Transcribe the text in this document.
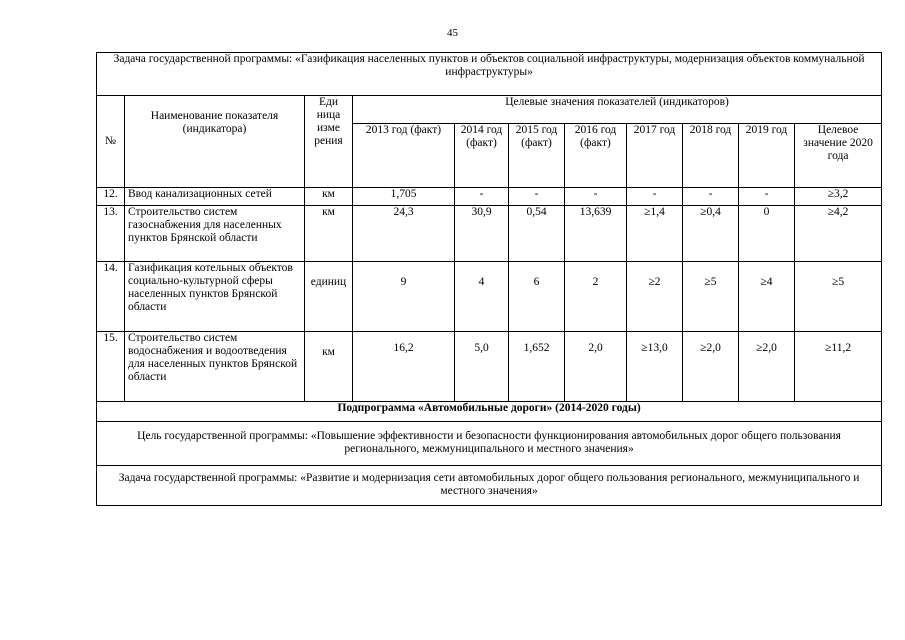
45
Задача государственной программы: «Газификация населенных пунктов и объектов социальной инфраструктуры, модернизация объектов коммунальной инфраструктуры»										
№	Наименование показателя (индикатора)	Еди ница изме рения	Целевые значения показателей (индикаторов)							
			2013 год (факт)	2014 год (факт)	2015 год (факт)	2016 год (факт)	2017 год	2018 год	2019 год	Целевое значение 2020 года
12.	Ввод канализационных сетей	км	1,705	-	-	-	-	-	-	≥3,2
13.	Строительство систем газоснабжения для населенных пунктов Брянской области	км	24,3	30,9	0,54	13,639	≥1,4	≥0,4	0	≥4,2
14.	Газификация котельных объектов социально-культурной сферы населенных пунктов Брянской области	единиц	9	4	6	2	≥2	≥5	≥4	≥5
15.	Строительство систем водоснабжения и водоотведения для населенных пунктов Брянской области	км	16,2	5,0	1,652	2,0	≥13,0	≥2,0	≥2,0	≥11,2
Подпрограмма «Автомобильные дороги» (2014-2020 годы)										
Цель государственной программы: «Повышение эффективности и безопасности функционирования автомобильных дорог общего пользования регионального, межмуниципального и местного значения»										
Задача государственной программы: «Развитие и модернизация сети автомобильных дорог общего пользования регионального, межмуниципального и местного значения»										
